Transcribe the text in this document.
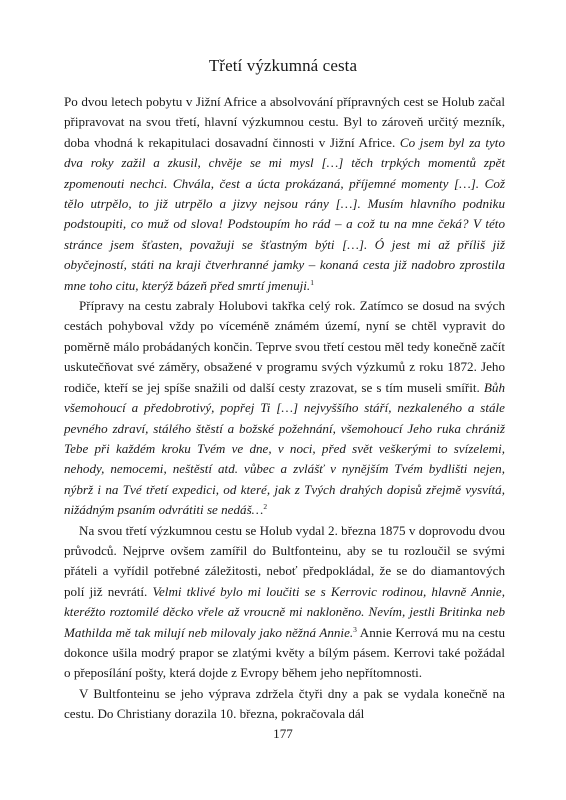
Třetí výzkumná cesta

Po dvou letech pobytu v Jižní Africe a absolvování přípravných cest se Holub začal připravovat na svou třetí, hlavní výzkumnou cestu. Byl to zároveň určitý mezník, doba vhodná k rekapitulaci dosavadní činnosti v Jižní Africe. Co jsem byl za tyto dva roky zažil a zkusil, chvěje se mi mysl […] těch trpkých momentů zpět zpomenouti nechci. Chvála, čest a úcta prokázaná, příjemné momenty […]. Což tělo utrpělo, to již utrpělo a jizvy nejsou rány […]. Musím hlavního podniku podstoupiti, co muž od slova! Podstoupím ho rád – a což tu na mne čeká? V této stránce jsem šťasten, považuji se šťastným býti […]. Ó jest mi až příliš již obyčejností, státi na kraji čtverhranné jamky – konaná cesta již nadobro zprostila mne toho citu, kterýž bázeň před smrtí jmenuji.$^1$

Přípravy na cestu zabraly Holubovi takřka celý rok. Zatímco se dosud na svých cestách pohyboval vždy po víceméně známém území, nyní se chtěl vypravit do poměrně málo probádaných končin. Teprve svou třetí cestou měl tedy konečně začít uskutečňovat své záměry, obsažené v programu svých výzkumů z roku 1872. Jeho rodiče, kteří se jej spíše snažili od další cesty zrazovat, se s tím museli smířit. Bůh všemohoucí a předobrotivý, popřej Ti […] nejvyššího stáří, nezkaleného a stále pevného zdraví, stálého štěstí a božské požehnání, všemohoucí Jeho ruka chrániž Tebe při každém kroku Tvém ve dne, v noci, před svět veškerými to svízelemi, nehody, nemocemi, neštěstí atd. vůbec a zvlášť v nynějším Tvém bydlišti nejen, nýbrž i na Tvé třetí expedici, od které, jak z Tvých drahých dopisů zřejmě vysvítá, nižádným psaním odvrátiti se nedáš…$^2$

Na svou třetí výzkumnou cestu se Holub vydal 2. března 1875 v doprovodu dvou průvodců. Nejprve ovšem zamířil do Bultfonteinu, aby se tu rozloučil se svými přáteli a vyřídil potřebné záležitosti, neboť předpokládal, že se do diamantových polí již nevrátí. Velmi tklivé bylo mi loučiti se s Kerrovic rodinou, hlavně Annie, kteréžto roztomilé děcko vřele až vroucně mi nakloněno. Nevím, jestli Britinka neb Mathilda mě tak milují neb milovaly jako něžná Annie.$^3$ Annie Kerrová mu na cestu dokonce ušila modrý prapor se zlatými květy a bílým pásem. Kerrovi také požádal o přeposílání pošty, která dojde z Evropy během jeho nepřítomnosti.

V Bultfonteinu se jeho výprava zdržela čtyři dny a pak se vydala konečně na cestu. Do Christiany dorazila 10. března, pokračovala dál

177
